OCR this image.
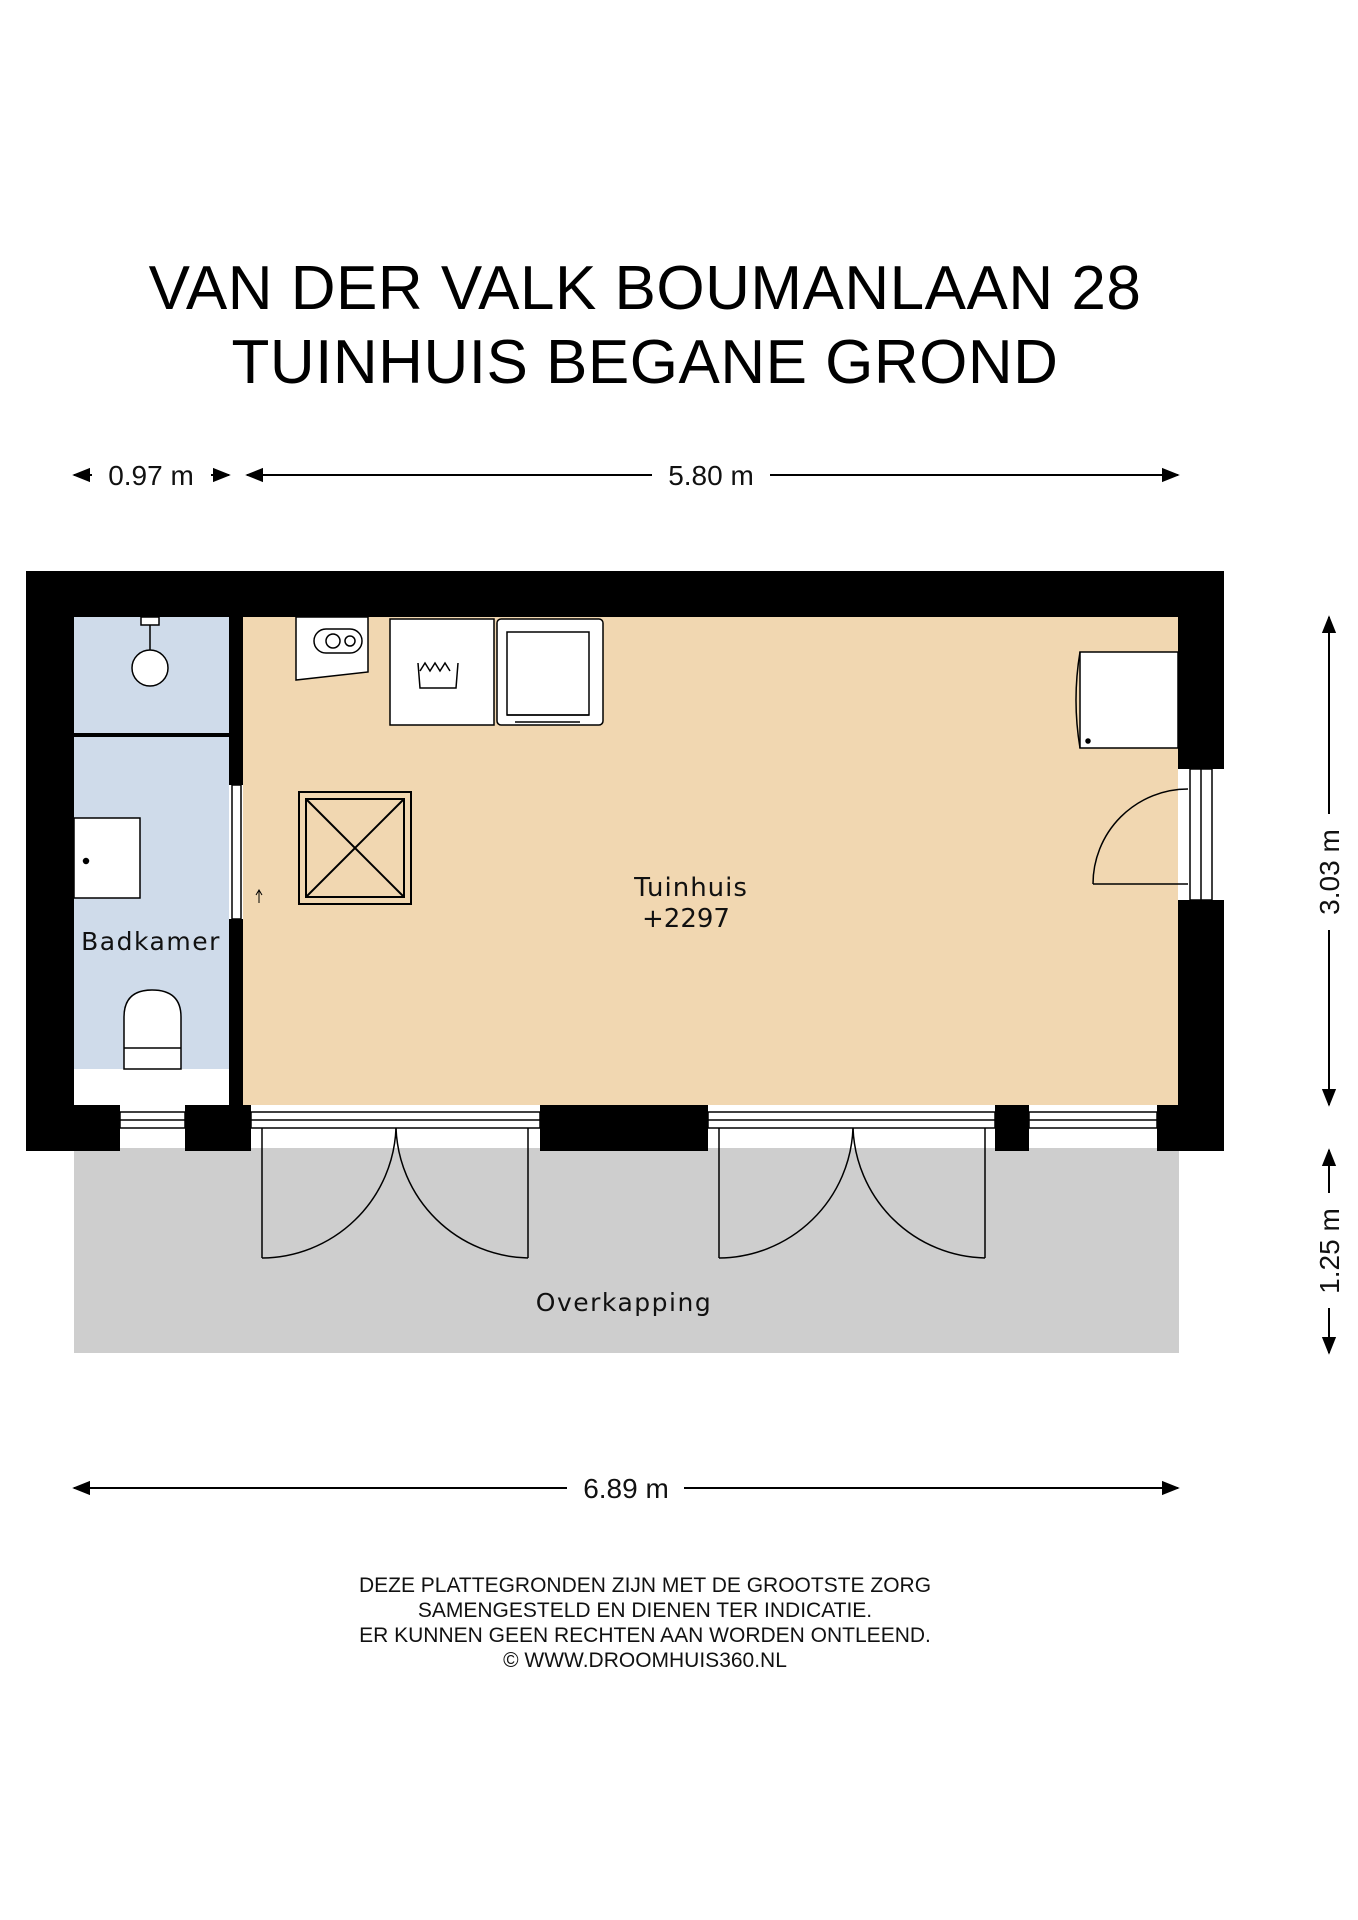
VAN DER VALK BOUMANLAAN 28
TUINHUIS BEGANE GROND
Tuinhuis
+2297
Badkamer
Overkapping
0.97 m	5.80 m
6.89 m
3.03 m
1.25 m
DEZE PLATTEGRONDEN ZIJN MET DE GROOTSTE ZORG
SAMENGESTELD EN DIENEN TER INDICATIE.
ER KUNNEN GEEN RECHTEN AAN WORDEN ONTLEEND.
© WWW.DROOMHUIS360.NL
